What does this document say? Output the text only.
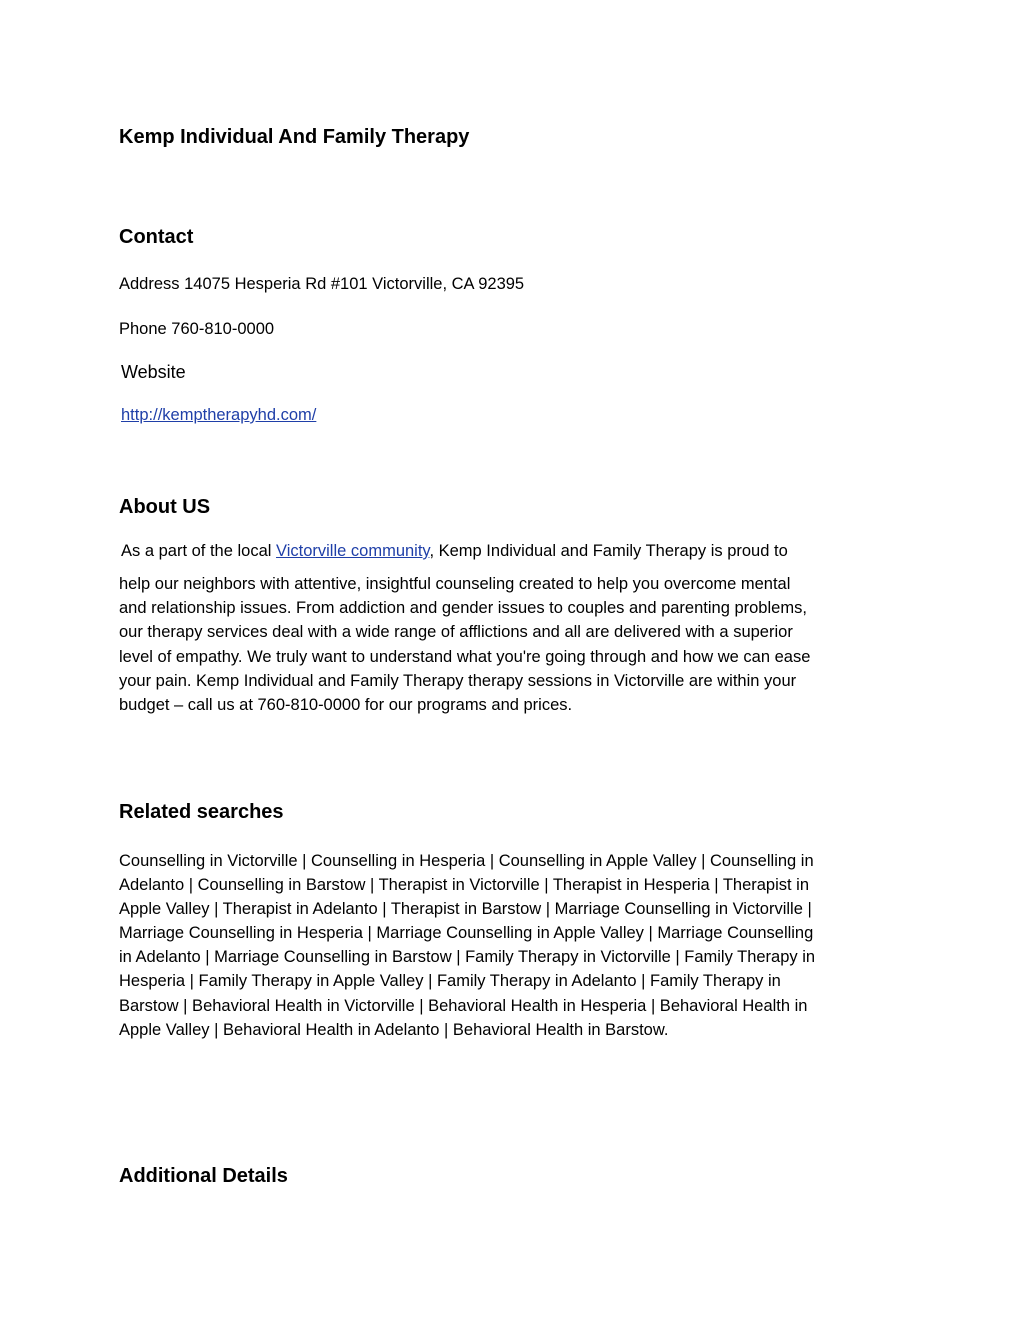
Kemp Individual And Family Therapy
Contact

Address 14075 Hesperia Rd #101 Victorville, CA 92395

Phone 760-810-0000

Website

http://kemptherapyhd.com/
About US

As a part of the local Victorville community, Kemp Individual and Family Therapy is proud to

help our neighbors with attentive, insightful counseling created to help you overcome mental
and relationship issues. From addiction and gender issues to couples and parenting problems,
our therapy services deal with a wide range of afflictions and all are delivered with a superior
level of empathy. We truly want to understand what you're going through and how we can ease
your pain. Kemp Individual and Family Therapy therapy sessions in Victorville are within your
budget – call us at 760-810-0000 for our programs and prices.

Related searches

Counselling in Victorville | Counselling in Hesperia | Counselling in Apple Valley | Counselling in
Adelanto | Counselling in Barstow | Therapist in Victorville | Therapist in Hesperia | Therapist in
Apple Valley | Therapist in Adelanto | Therapist in Barstow | Marriage Counselling in Victorville |
Marriage Counselling in Hesperia | Marriage Counselling in Apple Valley | Marriage Counselling
in Adelanto | Marriage Counselling in Barstow | Family Therapy in Victorville | Family Therapy in
Hesperia | Family Therapy in Apple Valley | Family Therapy in Adelanto | Family Therapy in
Barstow | Behavioral Health in Victorville | Behavioral Health in Hesperia | Behavioral Health in
Apple Valley | Behavioral Health in Adelanto | Behavioral Health in Barstow.

Additional Details
